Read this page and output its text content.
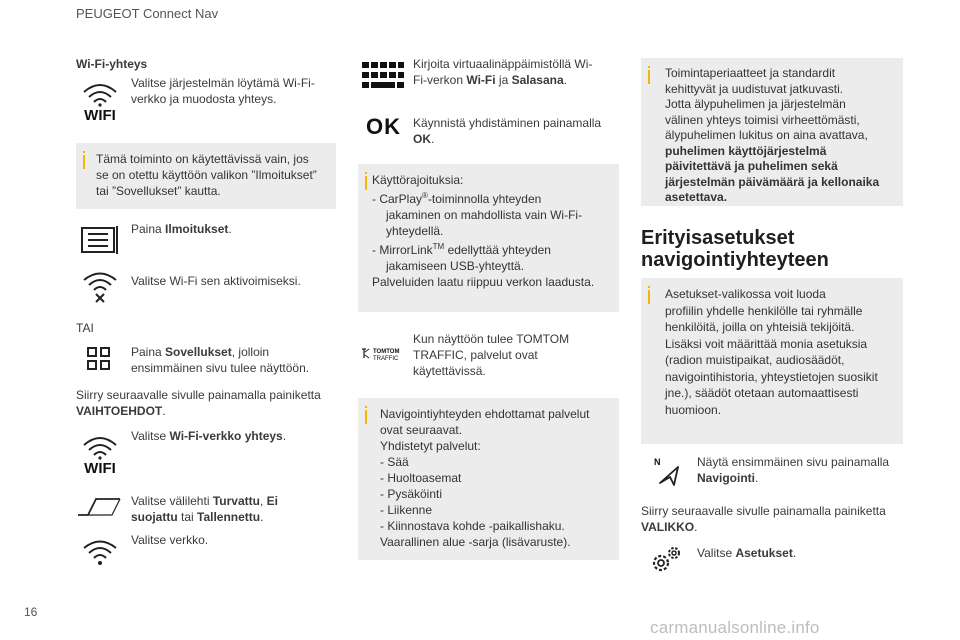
PEUGEOT Connect Nav
16
carmanualsonline.info
Wi-Fi-yhteys
WIFI
Valitse järjestelmän löytämä Wi-Fi-
verkko ja muodosta yhteys.
Tämä toiminto on käytettävissä vain, jos
se on otettu käyttöön valikon ”Ilmoitukset”
tai ”Sovellukset” kautta.
Paina Ilmoitukset.
Valitse Wi-Fi sen aktivoimiseksi.
TAI
Paina Sovellukset, jolloin
ensimmäinen sivu tulee näyttöön.
Siirry seuraavalle sivulle painamalla painiketta
VAIHTOEHDOT.
WIFI
Valitse Wi-Fi-verkko yhteys.
Valitse välilehti Turvattu, Ei
suojattu tai Tallennettu.
Valitse verkko.
Kirjoita virtuaalinäppäimistöllä Wi-
Fi-verkon Wi-Fi ja Salasana.
OK Käynnistä yhdistäminen painamalla
OK.
Käyttörajoituksia:
- CarPlay®-toiminnolla yhteyden
jakaminen on mahdollista vain Wi-Fi-
yhteydellä.
- MirrorLink™ edellyttää yhteyden
jakamiseen USB-yhteyttä.
Palveluiden laatu riippuu verkon laadusta.
TOMTOM
TRAFFIC
Kun näyttöön tulee TOMTOM
TRAFFIC, palvelut ovat
käytettävissä.
Navigointiyhteyden ehdottamat palvelut
ovat seuraavat.
Yhdistetyt palvelut:
- Sää
- Huoltoasemat
- Pysäköinti
- Liikenne
- Kiinnostava kohde -paikallishaku.
Vaarallinen alue -sarja (lisävaruste).
Toimintaperiaatteet ja standardit
kehittyvät ja uudistuvat jatkuvasti.
Jotta älypuhelimen ja järjestelmän
välinen yhteys toimisi virheettömästi,
älypuhelimen lukitus on aina avattava,
puhelimen käyttöjärjestelmä
päivitettävä ja puhelimen sekä
järjestelmän päivämäärä ja kellonaika
asetettava.
Erityisasetukset
navigointiyhteyteen
Asetukset-valikossa voit luoda
profiilin yhdelle henkilölle tai ryhmälle
henkilöitä, joilla on yhteisiä tekijöitä.
Lisäksi voit määrittää monia asetuksia
(radion muistipaikat, audiosäädöt,
navigointihistoria, yhteystietojen suosikit
jne.), säädöt otetaan automaattisesti
huomioon.
N	Näytä ensimmäinen sivu painamalla
Navigointi.
Siirry seuraavalle sivulle painamalla painiketta
VALIKKO.
Valitse Asetukset.
